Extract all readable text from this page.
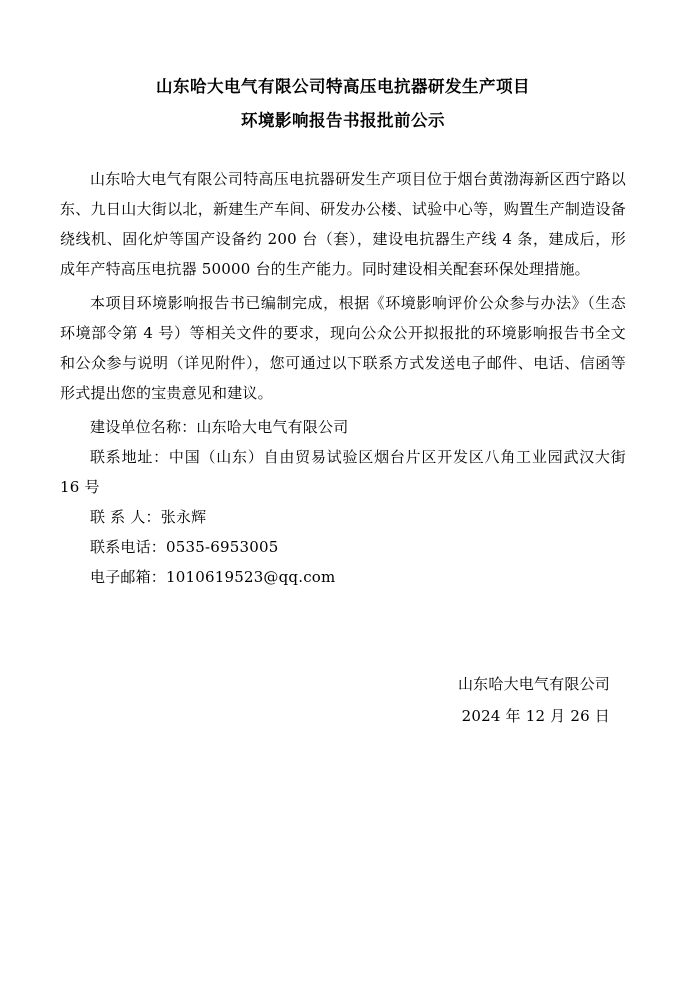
山东哈大电气有限公司特高压电抗器研发生产项目
环境影响报告书报批前公示

山东哈大电气有限公司特高压电抗器研发生产项目位于烟台黄渤海新区西宁路以东、九日山大街以北，新建生产车间、研发办公楼、试验中心等，购置生产制造设备绕线机、固化炉等国产设备约 200 台（套），建设电抗器生产线 4 条，建成后，形成年产特高压电抗器 50000 台的生产能力。同时建设相关配套环保处理措施。

本项目环境影响报告书已编制完成，根据《环境影响评价公众参与办法》（生态环境部令第 4 号）等相关文件的要求，现向公众公开拟报批的环境影响报告书全文和公众参与说明（详见附件），您可通过以下联系方式发送电子邮件、电话、信函等形式提出您的宝贵意见和建议。

建设单位名称：山东哈大电气有限公司

联系地址：中国（山东）自由贸易试验区烟台片区开发区八角工业园武汉大街 16 号

联 系 人：张永辉

联系电话：0535-6953005

电子邮箱：1010619523@qq.com

山东哈大电气有限公司
2024 年 12 月 26 日
